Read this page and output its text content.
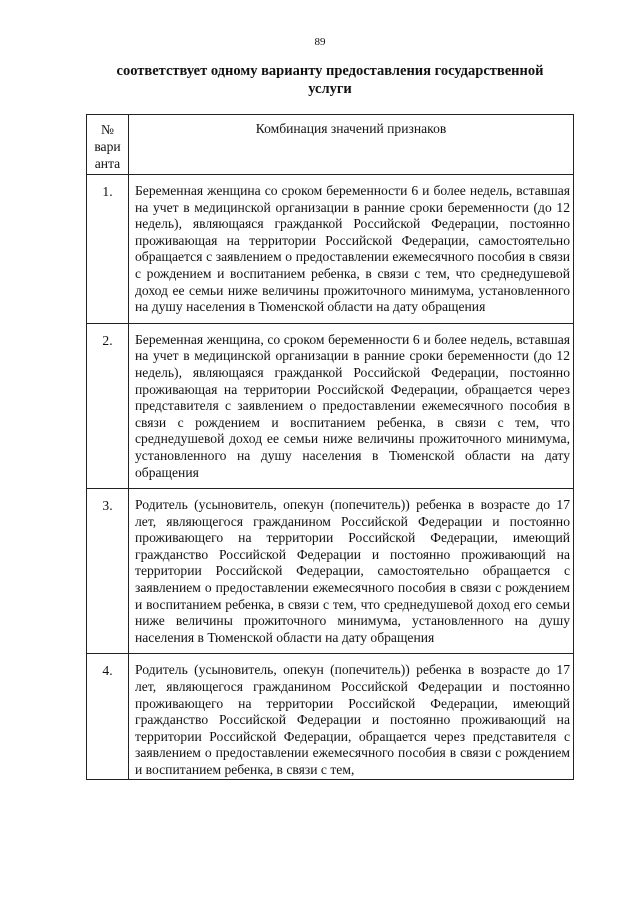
89
соответствует одному варианту предоставления государственной услуги
№ вари анта	Комбинация значений признаков
1.	Беременная женщина со сроком беременности 6 и более недель, вставшая на учет в медицинской организации в ранние сроки беременности (до 12 недель), являющаяся гражданкой Российской Федерации, постоянно проживающая на территории Российской Федерации, самостоятельно обращается с заявлением о предоставлении ежемесячного пособия в связи с рождением и воспитанием ребенка, в связи с тем, что среднедушевой доход ее семьи ниже величины прожиточного минимума, установленного на душу населения в Тюменской области на дату обращения
2.	Беременная женщина, со сроком беременности 6 и более недель, вставшая на учет в медицинской организации в ранние сроки беременности (до 12 недель), являющаяся гражданкой Российской Федерации, постоянно проживающая на территории Российской Федерации, обращается через представителя с заявлением о предоставлении ежемесячного пособия в связи с рождением и воспитанием ребенка, в связи с тем, что среднедушевой доход ее семьи ниже величины прожиточного минимума, установленного на душу населения в Тюменской области на дату обращения
3.	Родитель (усыновитель, опекун (попечитель)) ребенка в возрасте до 17 лет, являющегося гражданином Российской Федерации и постоянно проживающего на территории Российской Федерации, имеющий гражданство Российской Федерации и постоянно проживающий на территории Российской Федерации, самостоятельно обращается с заявлением о предоставлении ежемесячного пособия в связи с рождением и воспитанием ребенка, в связи с тем, что среднедушевой доход его семьи ниже величины прожиточного минимума, установленного на душу населения в Тюменской области на дату обращения
4.	Родитель (усыновитель, опекун (попечитель)) ребенка в возрасте до 17 лет, являющегося гражданином Российской Федерации и постоянно проживающего на территории Российской Федерации, имеющий гражданство Российской Федерации и постоянно проживающий на территории Российской Федерации, обращается через представителя с заявлением о предоставлении ежемесячного пособия в связи с рождением и воспитанием ребенка, в связи с тем,
